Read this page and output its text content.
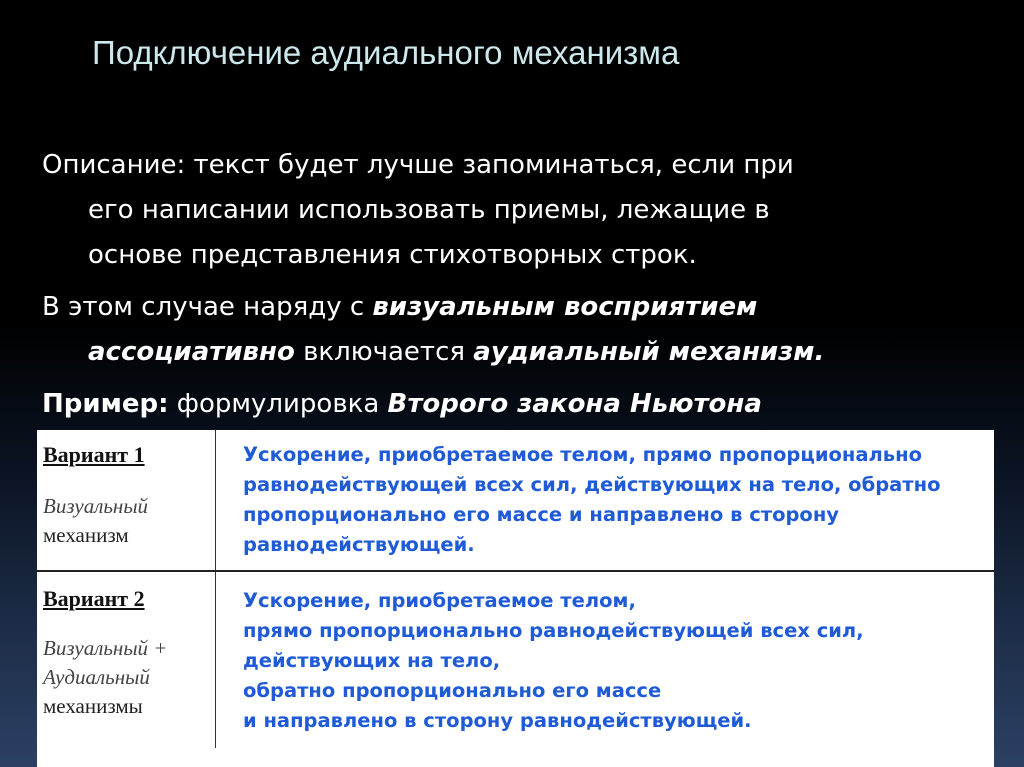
Подключение аудиального механизма
Описание: текст будет лучше запоминаться, если при
его написании использовать приемы, лежащие в
основе представления стихотворных строк.
В этом случае наряду с визуальным восприятием
ассоциативно включается аудиальный механизм.
Пример: формулировка Второго закона Ньютона
Вариант 1
Визуальный
механизм
Ускорение, приобретаемое телом, прямо пропорционально
равнодействующей всех сил, действующих на тело, обратно
пропорционально его массе и направлено в сторону
равнодействующей.
Вариант 2
Визуальный +
Аудиальный
механизмы
Ускорение, приобретаемое телом,
прямо пропорционально равнодействующей всех сил,
действующих на тело,
обратно пропорционально его массе
и направлено в сторону равнодействующей.
